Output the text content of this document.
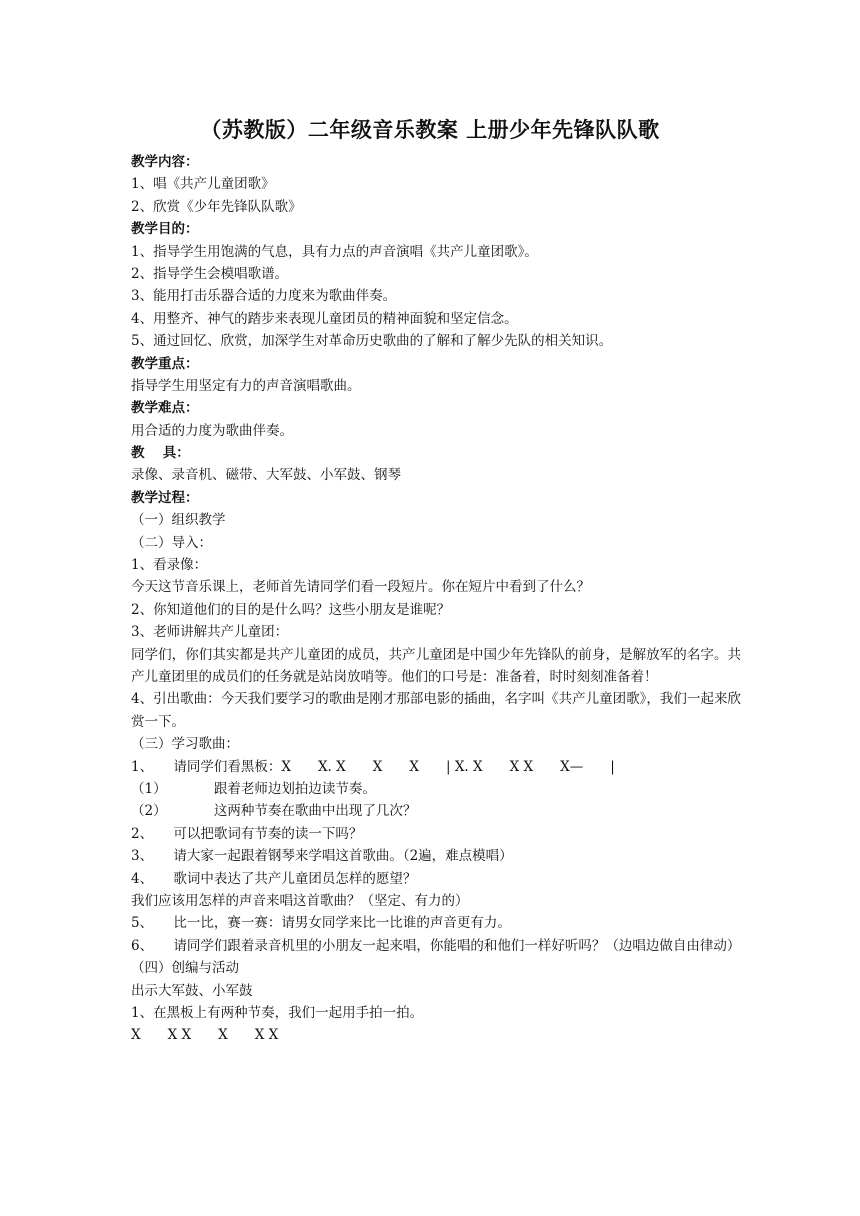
（苏教版）二年级音乐教案 上册少年先锋队队歌
教学内容：
1、唱《共产儿童团歌》
2、欣赏《少年先锋队队歌》
教学目的：
1、指导学生用饱满的气息，具有力点的声音演唱《共产儿童团歌》。
2、指导学生会模唱歌谱。
3、能用打击乐器合适的力度来为歌曲伴奏。
4、用整齐、神气的踏步来表现儿童团员的精神面貌和坚定信念。
5、通过回忆、欣赏，加深学生对革命历史歌曲的了解和了解少先队的相关知识。
教学重点：
指导学生用坚定有力的声音演唱歌曲。
教学难点：
用合适的力度为歌曲伴奏。
教　 具：
录像、录音机、磁带、大军鼓、小军鼓、钢琴
教学过程：
（一）组织教学
（二）导入：
1、看录像：
今天这节音乐课上，老师首先请同学们看一段短片。你在短片中看到了什么？
2、你知道他们的目的是什么吗？这些小朋友是谁呢？
3、老师讲解共产儿童团：
同学们，你们其实都是共产儿童团的成员，共产儿童团是中国少年先锋队的前身，是解放军的名字。共产儿童团里的成员们的任务就是站岗放哨等。他们的口号是：准备着，时时刻刻准备着！
4、引出歌曲：今天我们要学习的歌曲是刚才那部电影的插曲，名字叫《共产儿童团歌》，我们一起来欣赏一下。
（三）学习歌曲：
1、　　请同学们看黑板：X　　X. X　　X　　X　　| X. X　　X X　　X—　　|
（1）　　　　跟着老师边划拍边读节奏。
（2）　　　　这两种节奏在歌曲中出现了几次？
2、　　可以把歌词有节奏的读一下吗？
3、　　请大家一起跟着钢琴来学唱这首歌曲。（2遍，难点模唱）
4、　　歌词中表达了共产儿童团员怎样的愿望？
我们应该用怎样的声音来唱这首歌曲？（坚定、有力的）
5、　　比一比，赛一赛：请男女同学来比一比谁的声音更有力。
6、　　请同学们跟着录音机里的小朋友一起来唱，你能唱的和他们一样好听吗？（边唱边做自由律动）
（四）创编与活动
出示大军鼓、小军鼓
1、在黑板上有两种节奏，我们一起用手拍一拍。
X　　X X　　X　　X X
